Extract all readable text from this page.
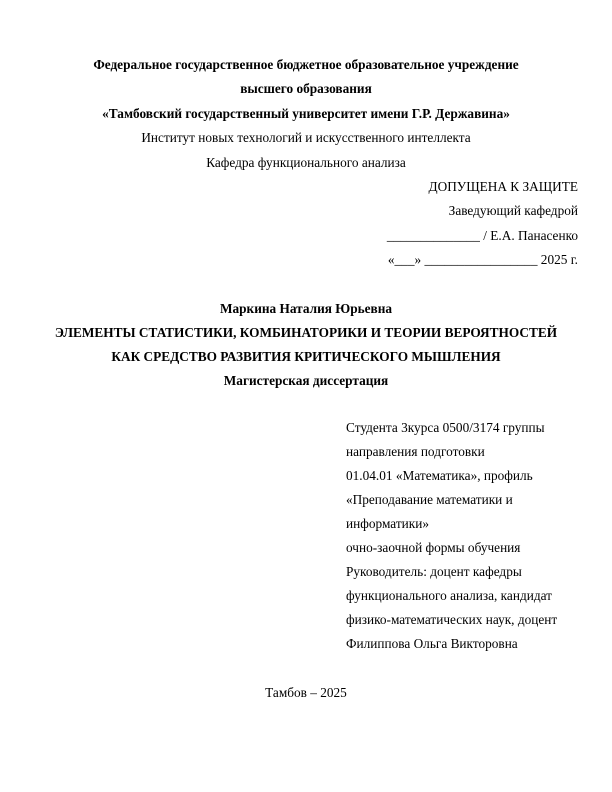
Федеральное государственное бюджетное образовательное учреждение
высшего образования
«Тамбовский государственный университет имени Г.Р. Державина»
Институт новых технологий и искусственного интеллекта
Кафедра функционального анализа
ДОПУЩЕНА К ЗАЩИТЕ
Заведующий кафедрой
______________ / Е.А. Панасенко
«___» _________________ 2025 г.
Маркина Наталия Юрьевна
ЭЛЕМЕНТЫ СТАТИСТИКИ, КОМБИНАТОРИКИ И ТЕОРИИ ВЕРОЯТНОСТЕЙ
КАК СРЕДСТВО РАЗВИТИЯ КРИТИЧЕСКОГО МЫШЛЕНИЯ
Магистерская диссертация
Студента 3курса 0500/3174 группы
направления подготовки
01.04.01 «Математика», профиль
«Преподавание математики и
информатики»
очно-заочной формы обучения
Руководитель: доцент кафедры
функционального анализа, кандидат
физико-математических наук, доцент
Филиппова Ольга Викторовна
Тамбов – 2025
